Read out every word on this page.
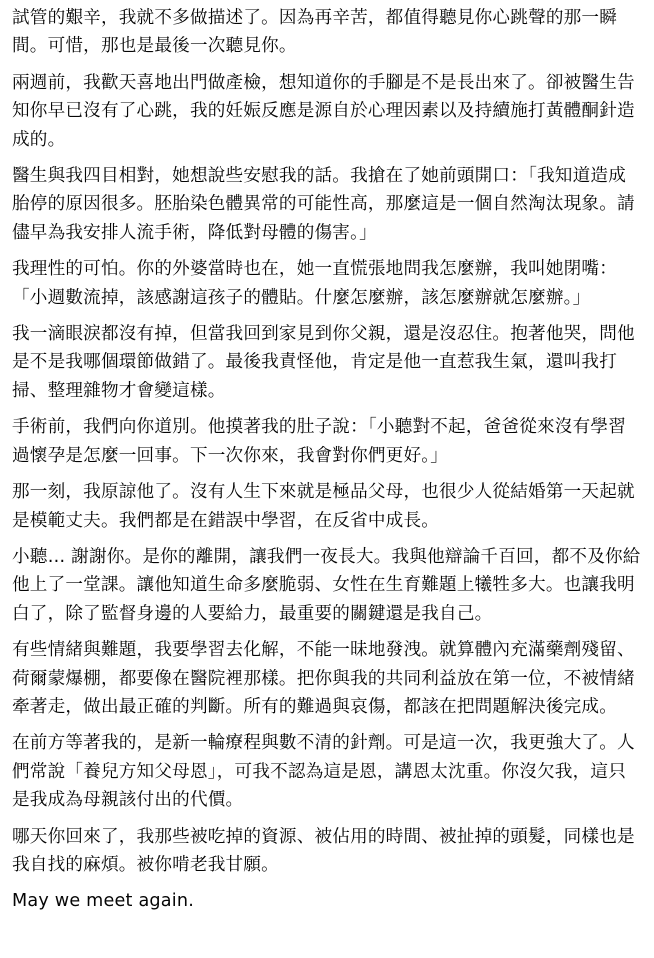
試管的艱辛，我就不多做描述了。因為再辛苦，都值得聽見你心跳聲的那一瞬間。可惜，那也是最後一次聽見你。

兩週前，我歡天喜地出門做產檢，想知道你的手腳是不是長出來了。卻被醫生告知你早已沒有了心跳，我的妊娠反應是源自於心理因素以及持續施打黃體酮針造成的。

醫生與我四目相對，她想說些安慰我的話。我搶在了她前頭開口：「我知道造成胎停的原因很多。胚胎染色體異常的可能性高，那麼這是一個自然淘汰現象。請儘早為我安排人流手術，降低對母體的傷害。」

我理性的可怕。你的外婆當時也在，她一直慌張地問我怎麼辦，我叫她閉嘴：「小週數流掉，該感謝這孩子的體貼。什麼怎麼辦，該怎麼辦就怎麼辦。」

我一滴眼淚都沒有掉，但當我回到家見到你父親，還是沒忍住。抱著他哭，問他是不是我哪個環節做錯了。最後我責怪他，肯定是他一直惹我生氣，還叫我打掃、整理雜物才會變這樣。

手術前，我們向你道別。他摸著我的肚子說：「小聽對不起，爸爸從來沒有學習過懷孕是怎麼一回事。下一次你來，我會對你們更好。」

那一刻，我原諒他了。沒有人生下來就是極品父母，也很少人從結婚第一天起就是模範丈夫。我們都是在錯誤中學習，在反省中成長。

小聽… 謝謝你。是你的離開，讓我們一夜長大。我與他辯論千百回，都不及你給他上了一堂課。讓他知道生命多麼脆弱、女性在生育難題上犧牲多大。也讓我明白了，除了監督身邊的人要給力，最重要的關鍵還是我自己。

有些情緒與難題，我要學習去化解，不能一昧地發洩。就算體內充滿藥劑殘留、荷爾蒙爆棚，都要像在醫院裡那樣。把你與我的共同利益放在第一位，不被情緒牽著走，做出最正確的判斷。所有的難過與哀傷，都該在把問題解決後完成。

在前方等著我的，是新一輪療程與數不清的針劑。可是這一次，我更強大了。人們常說「養兒方知父母恩」，可我不認為這是恩，講恩太沈重。你沒欠我，這只是我成為母親該付出的代價。

哪天你回來了，我那些被吃掉的資源、被佔用的時間、被扯掉的頭髮，同樣也是我自找的麻煩。被你啃老我甘願。

May we meet again.
